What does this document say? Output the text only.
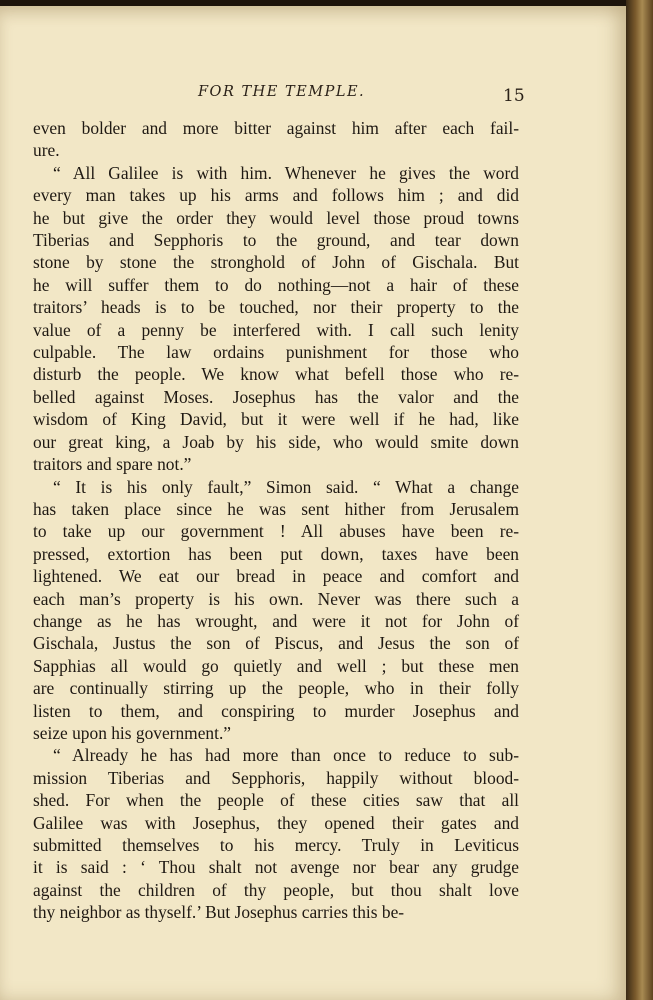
FOR THE TEMPLE.	15

even bolder and more bitter against him after each fail-
ure.

“ All Galilee is with him. Whenever he gives the word
every man takes up his arms and follows him ; and did
he but give the order they would level those proud towns
Tiberias and Sepphoris to the ground, and tear down
stone by stone the stronghold of John of Gischala. But
he will suffer them to do nothing—not a hair of these
traitors’ heads is to be touched, nor their property to the
value of a penny be interfered with. I call such lenity
culpable. The law ordains punishment for those who
disturb the people. We know what befell those who re-
belled against Moses. Josephus has the valor and the
wisdom of King David, but it were well if he had, like
our great king, a Joab by his side, who would smite down
traitors and spare not.”

“ It is his only fault,” Simon said. “ What a change
has taken place since he was sent hither from Jerusalem
to take up our government ! All abuses have been re-
pressed, extortion has been put down, taxes have been
lightened. We eat our bread in peace and comfort and
each man’s property is his own. Never was there such a
change as he has wrought, and were it not for John of
Gischala, Justus the son of Piscus, and Jesus the son of
Sapphias all would go quietly and well ; but these men
are continually stirring up the people, who in their folly
listen to them, and conspiring to murder Josephus and
seize upon his government.”

“ Already he has had more than once to reduce to sub-
mission Tiberias and Sepphoris, happily without blood-
shed. For when the people of these cities saw that all
Galilee was with Josephus, they opened their gates and
submitted themselves to his mercy. Truly in Leviticus
it is said : ‘ Thou shalt not avenge nor bear any grudge
against the children of thy people, but thou shalt love
thy neighbor as thyself.’ But Josephus carries this be-
